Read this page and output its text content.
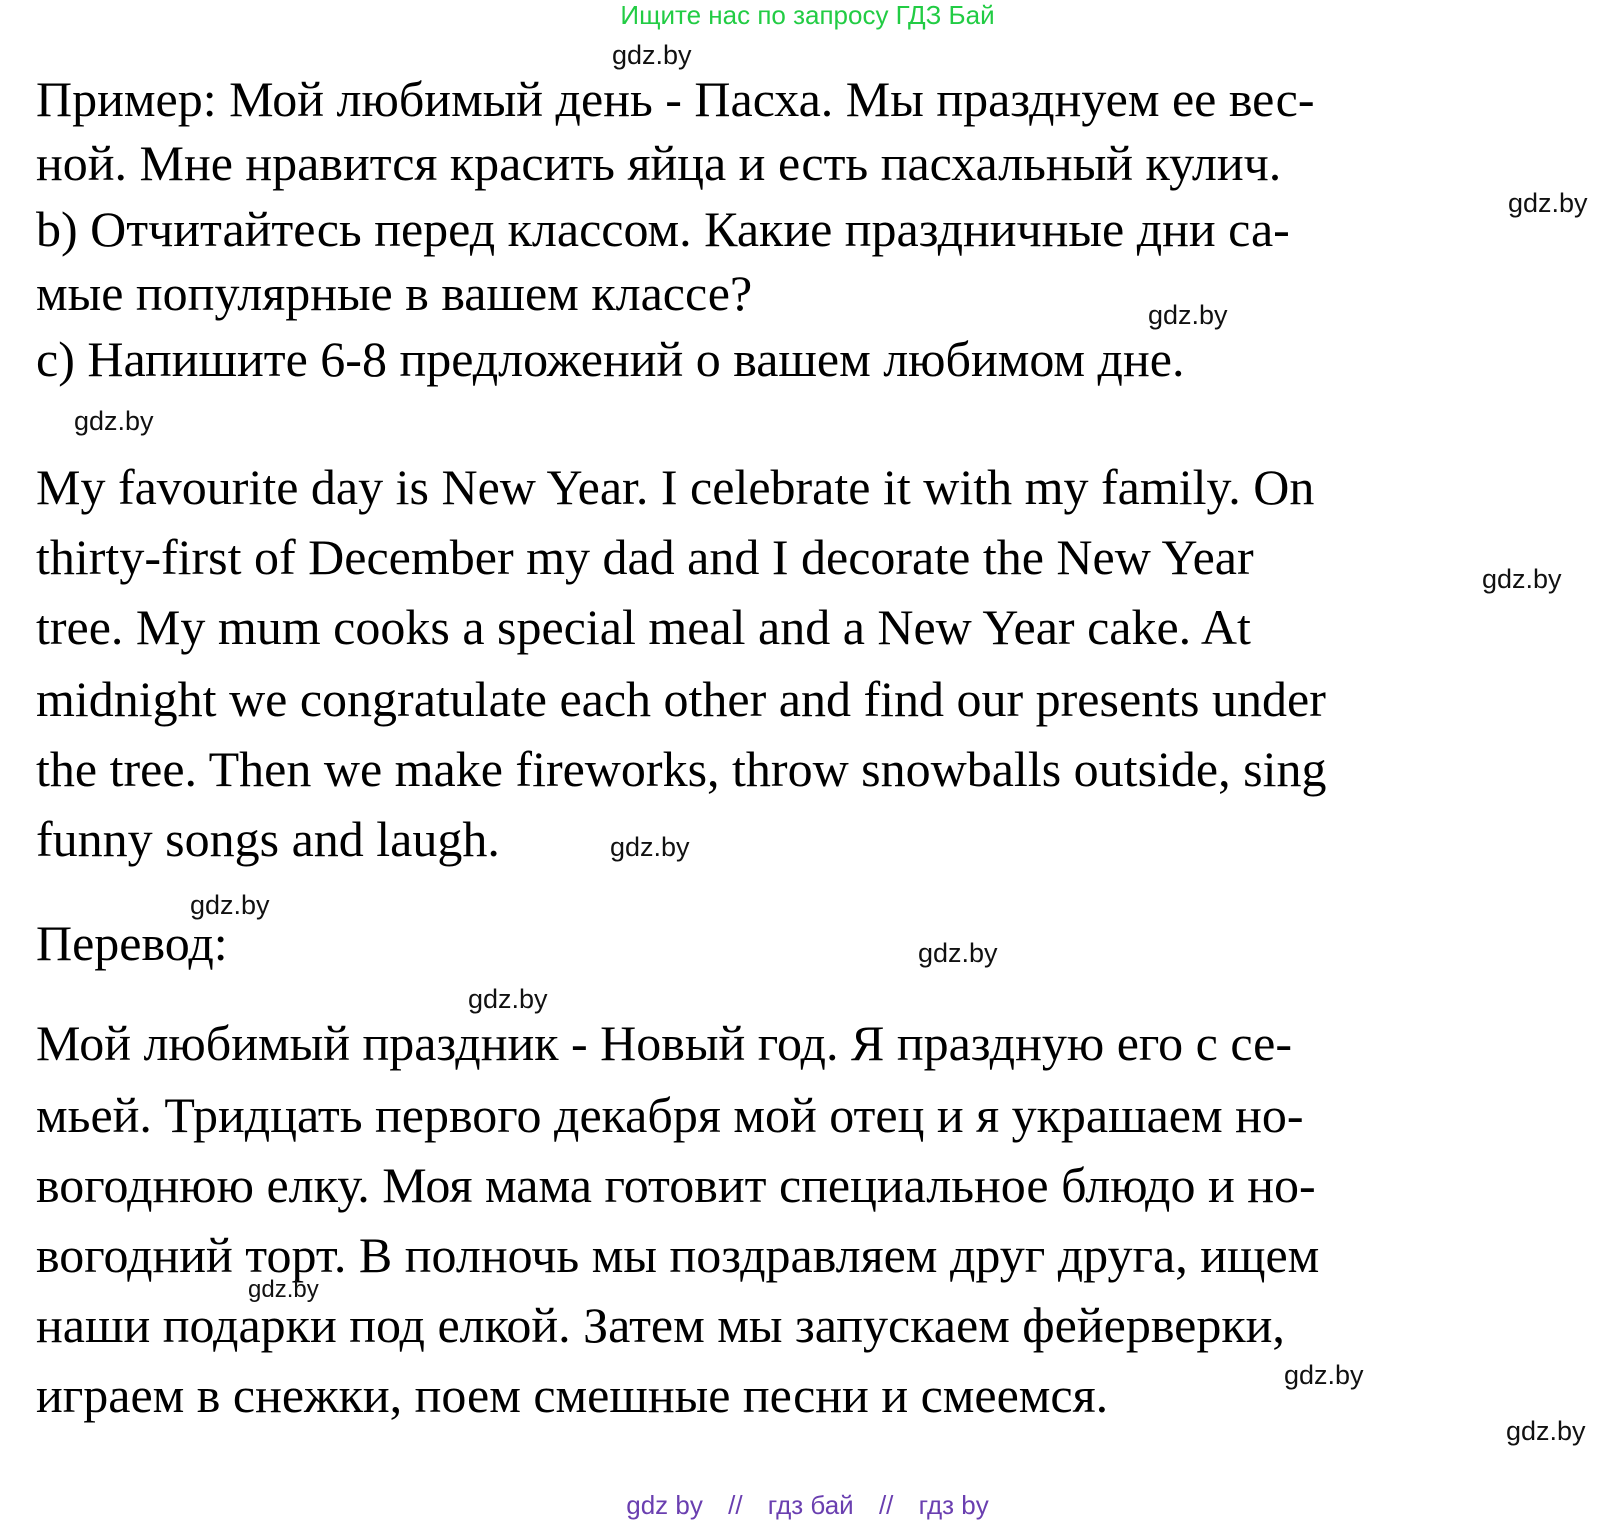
Ищите нас по запросу ГДЗ Бай
Пример: Мой любимый день - Пасха. Мы празднуем ее вес-
ной. Мне нравится красить яйца и есть пасхальный кулич.
b) Отчитайтесь перед классом. Какие праздничные дни са-
мые популярные в вашем классе?
c) Напишите 6-8 предложений о вашем любимом дне.
My favourite day is New Year. I celebrate it with my family. On
thirty-first of December my dad and I decorate the New Year
tree. My mum cooks a special meal and a New Year cake. At
midnight we congratulate each other and find our presents under
the tree. Then we make fireworks, throw snowballs outside, sing
funny songs and laugh.
Перевод:
Мой любимый праздник - Новый год. Я праздную его с се-
мьей. Тридцать первого декабря мой отец и я украшаем но-
вогоднюю елку. Моя мама готовит специальное блюдо и но-
вогодний торт. В полночь мы поздравляем друг друга, ищем
наши подарки под елкой. Затем мы запускаем фейерверки,
играем в снежки, поем смешные песни и смеемся.
gdz.by
gdz.by
gdz.by
gdz.by
gdz.by
gdz.by
gdz.by
gdz.by
gdz.by
gdz.by
gdz.by
gdz.by
gdz by // гдз бай // гдз by
